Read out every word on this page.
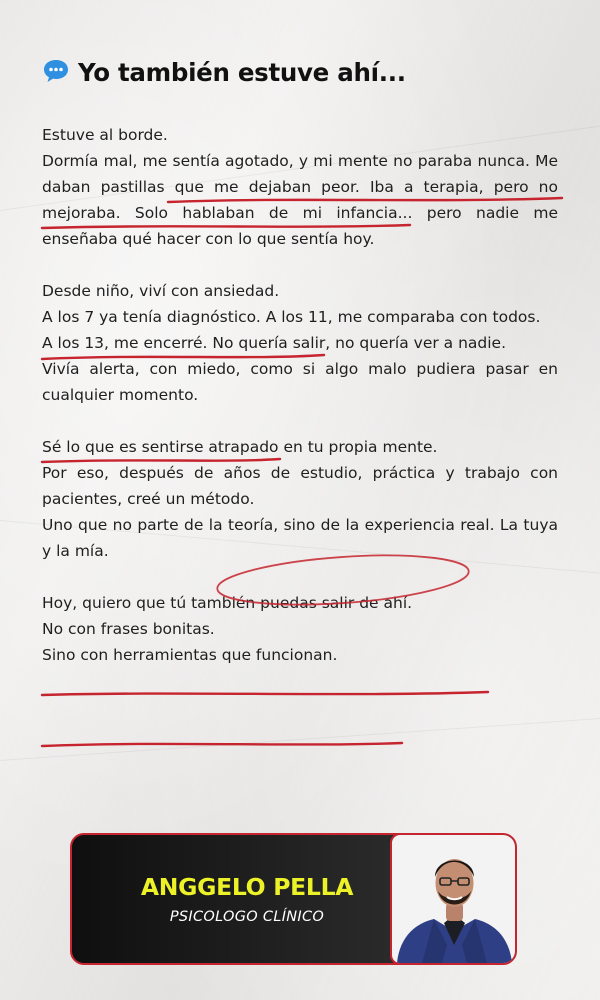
Yo también estuve ahí...

Estuve al borde.
Dormía mal, me sentía agotado, y mi mente no paraba nunca. Me daban pastillas que me dejaban peor. Iba a terapia, pero no mejoraba. Solo hablaban de mi infancia... pero nadie me enseñaba qué hacer con lo que sentía hoy.

Desde niño, viví con ansiedad.
A los 7 ya tenía diagnóstico. A los 11, me comparaba con todos.
A los 13, me encerré. No quería salir, no quería ver a nadie.
Vivía alerta, con miedo, como si algo malo pudiera pasar en cualquier momento.

Sé lo que es sentirse atrapado en tu propia mente.
Por eso, después de años de estudio, práctica y trabajo con pacientes, creé un método.
Uno que no parte de la teoría, sino de la experiencia real. La tuya y la mía.

Hoy, quiero que tú también puedas salir de ahí.
No con frases bonitas.
Sino con herramientas que funcionan.

ANGGELO PELLA
PSICOLOGO CLÍNICO
